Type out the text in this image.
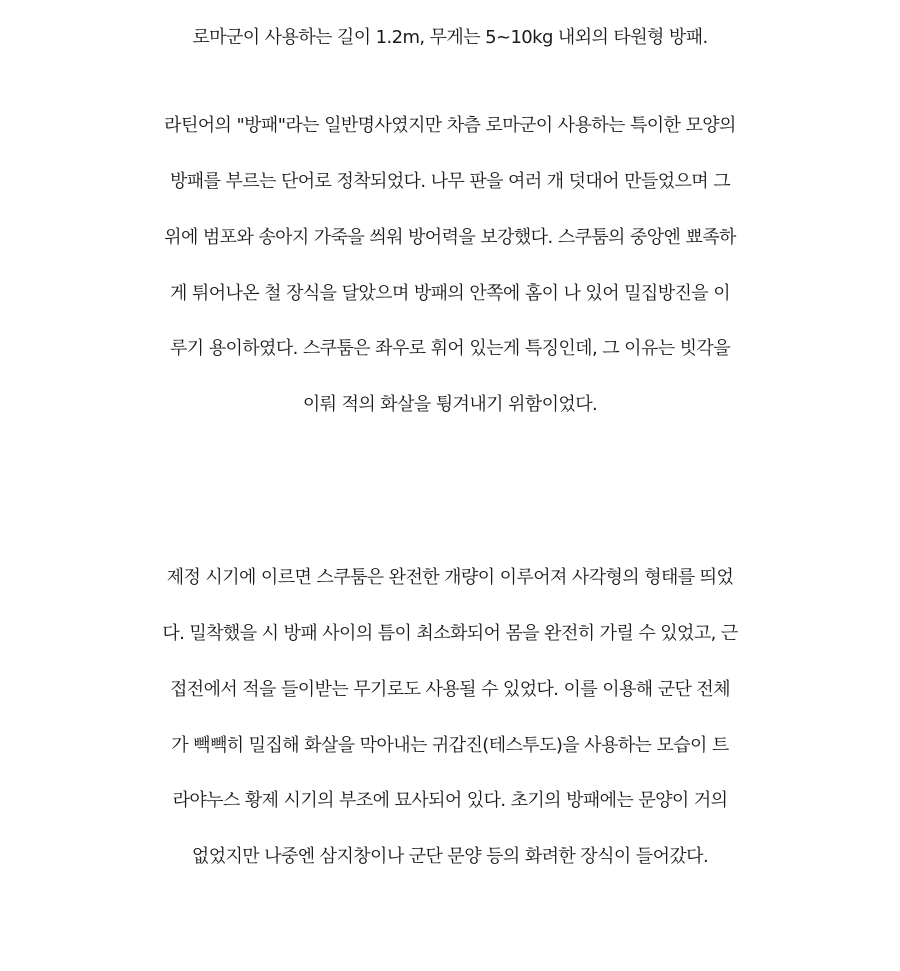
로마군이 사용하는 길이 1.2m, 무게는 5~10kg 내외의 타원형 방패.
라틴어의 "방패"라는 일반명사였지만 차츰 로마군이 사용하는 특이한 모양의
방패를 부르는 단어로 정착되었다. 나무 판을 여러 개 덧대어 만들었으며 그
위에 범포와 송아지 가죽을 씌워 방어력을 보강했다. 스쿠툼의 중앙엔 뾰족하
게 튀어나온 철 장식을 달았으며 방패의 안쪽에 홈이 나 있어 밀집방진을 이
루기 용이하였다. 스쿠툼은 좌우로 휘어 있는게 특징인데, 그 이유는 빗각을
이뤄 적의 화살을 튕겨내기 위함이었다.
제정 시기에 이르면 스쿠툼은 완전한 개량이 이루어져 사각형의 형태를 띄었
다. 밀착했을 시 방패 사이의 틈이 최소화되어 몸을 완전히 가릴 수 있었고, 근
접전에서 적을 들이받는 무기로도 사용될 수 있었다. 이를 이용해 군단 전체
가 빽빽히 밀집해 화살을 막아내는 귀갑진(테스투도)을 사용하는 모습이 트
라야누스 황제 시기의 부조에 묘사되어 있다. 초기의 방패에는 문양이 거의
없었지만 나중엔 삼지창이나 군단 문양 등의 화려한 장식이 들어갔다.
